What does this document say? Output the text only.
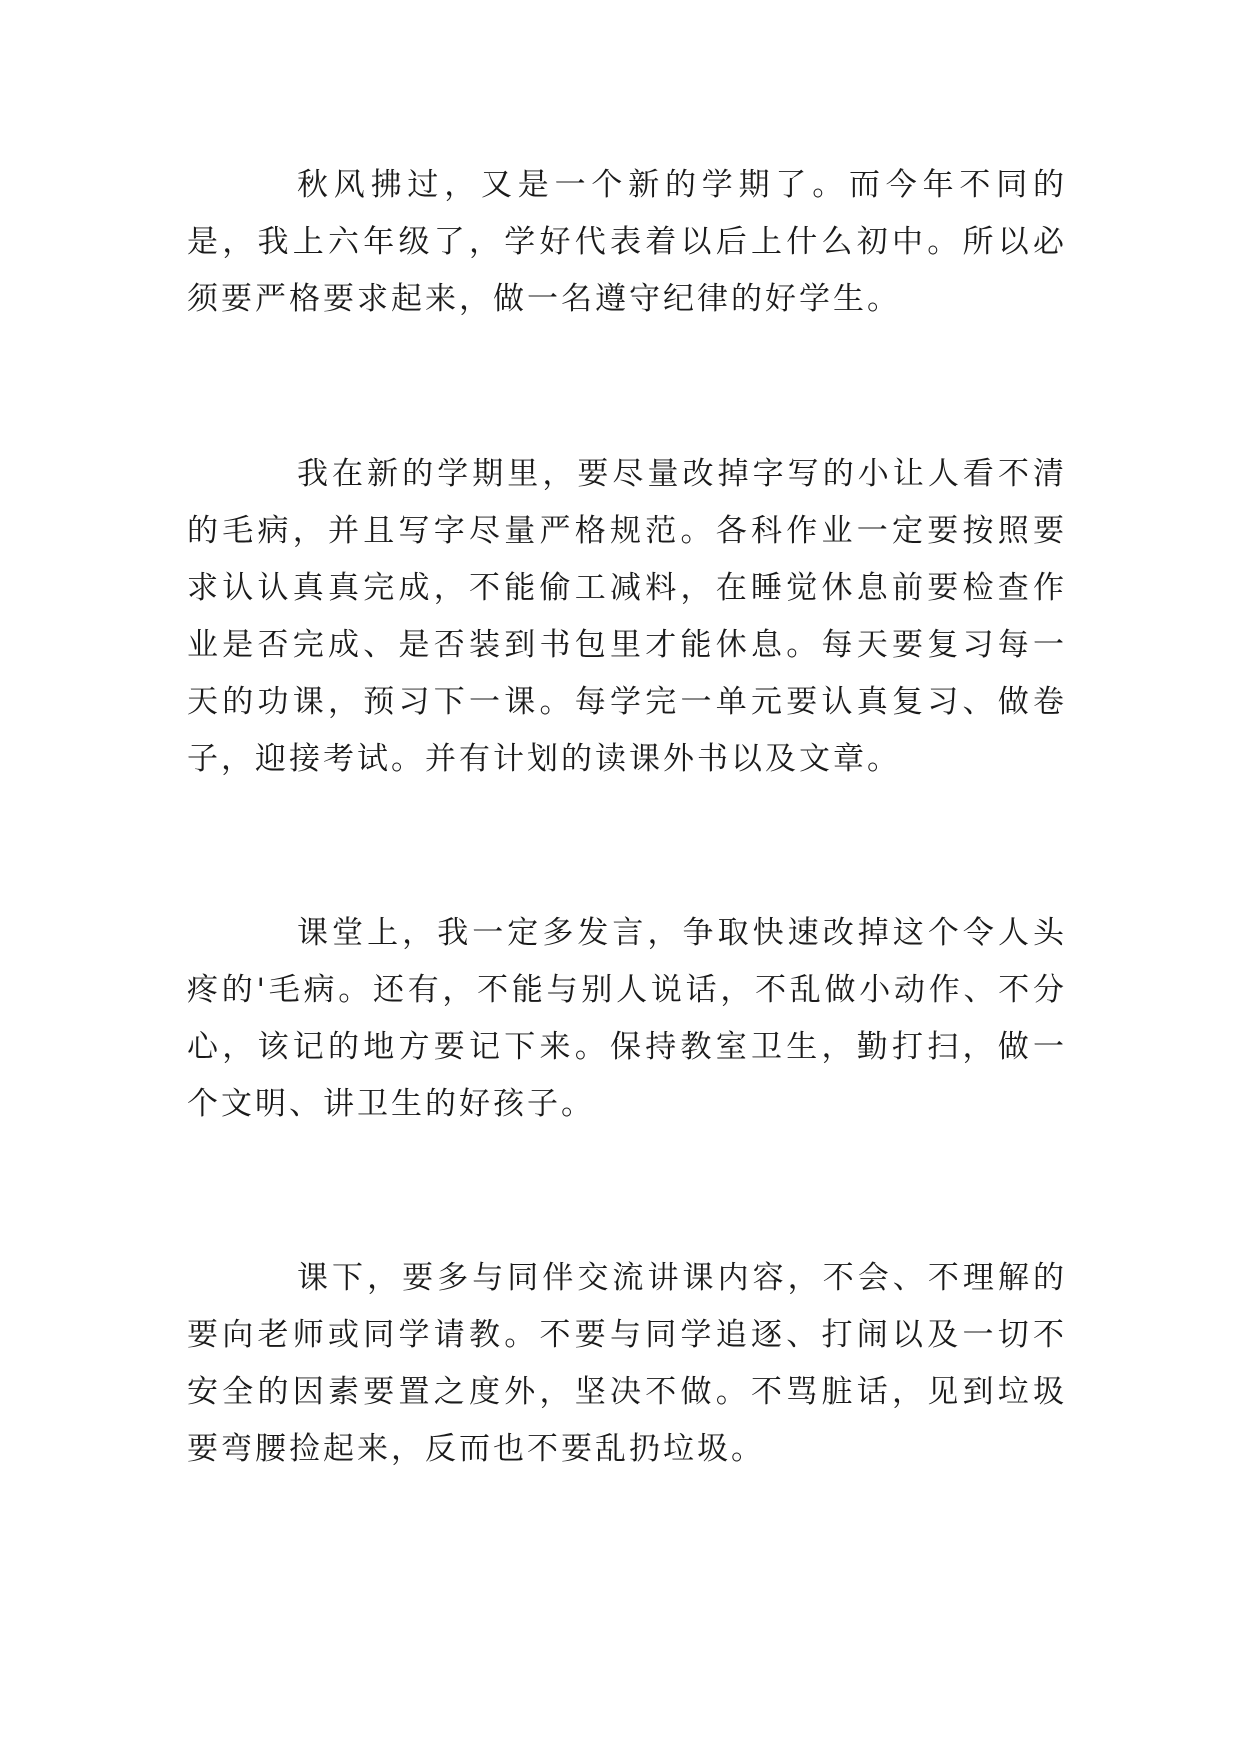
秋风拂过，又是一个新的学期了。而今年不同的是，我上六年级了，学好代表着以后上什么初中。所以必须要严格要求起来，做一名遵守纪律的好学生。

我在新的学期里，要尽量改掉字写的小让人看不清的毛病，并且写字尽量严格规范。各科作业一定要按照要求认认真真完成，不能偷工减料，在睡觉休息前要检查作业是否完成、是否装到书包里才能休息。每天要复习每一天的功课，预习下一课。每学完一单元要认真复习、做卷子，迎接考试。并有计划的读课外书以及文章。

课堂上，我一定多发言，争取快速改掉这个令人头疼的'毛病。还有，不能与别人说话，不乱做小动作、不分心，该记的地方要记下来。保持教室卫生，勤打扫，做一个文明、讲卫生的好孩子。

课下，要多与同伴交流讲课内容，不会、不理解的要向老师或同学请教。不要与同学追逐、打闹以及一切不安全的因素要置之度外，坚决不做。不骂脏话，见到垃圾要弯腰捡起来，反而也不要乱扔垃圾。
